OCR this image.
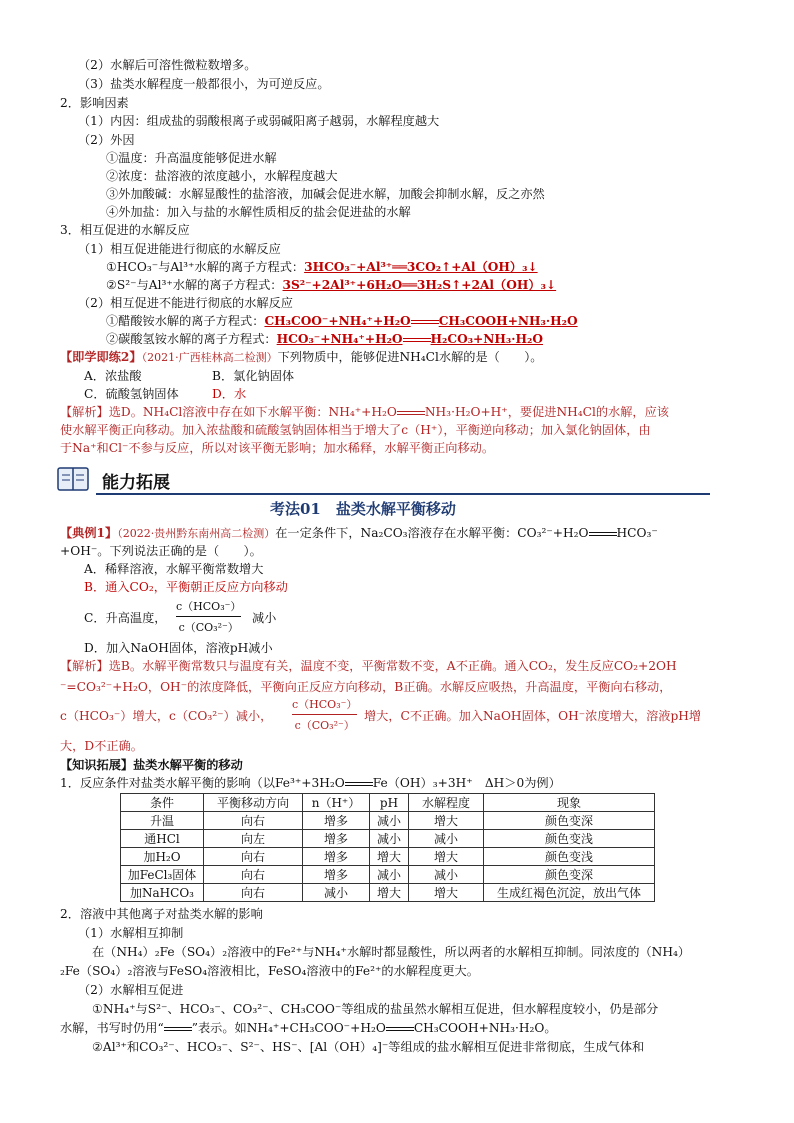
（2）水解后可溶性微粒数增多。
（3）盐类水解程度一般都很小，为可逆反应。
2．影响因素
（1）内因：组成盐的弱酸根离子或弱碱阳离子越弱，水解程度越大
（2）外因
①温度：升高温度能够促进水解
②浓度：盐溶液的浓度越小，水解程度越大
③外加酸碱：水解显酸性的盐溶液，加碱会促进水解，加酸会抑制水解，反之亦然
④外加盐：加入与盐的水解性质相反的盐会促进盐的水解
3．相互促进的水解反应
（1）相互促进能进行彻底的水解反应
①HCO₃⁻与Al³⁺水解的离子方程式：3HCO₃⁻+Al³⁺══3CO₂↑+Al（OH）₃↓
②S²⁻与Al³⁺水解的离子方程式：3S²⁻+2Al³⁺+6H₂O══3H₂S↑+2Al（OH）₃↓
（2）相互促进不能进行彻底的水解反应
①醋酸铵水解的离子方程式：CH₃COO⁻+NH₄⁺+H₂O CH₃COOH+NH₃·H₂O
②碳酸氢铵水解的离子方程式：HCO₃⁻+NH₄⁺+H₂O H₂CO₃+NH₃·H₂O
【即学即练2】（2021·广西桂林高二检测）下列物质中，能够促进NH₄Cl水解的是（　　）。
A．浓盐酸	B．氯化钠固体
C．硫酸氢钠固体	D．水
【解析】选D。NH₄Cl溶液中存在如下水解平衡：NH₄⁺+H₂O NH₃·H₂O+H⁺，要促进NH₄Cl的水解，应该
使水解平衡正向移动。加入浓盐酸和硫酸氢钠固体相当于增大了c（H⁺），平衡逆向移动；加入氯化钠固体，由
于Na⁺和Cl⁻不参与反应，所以对该平衡无影响；加水稀释，水解平衡正向移动。
能力拓展
考法01　盐类水解平衡移动
【典例1】（2022·贵州黔东南州高二检测）在一定条件下，Na₂CO₃溶液存在水解平衡：CO₃²⁻+H₂O HCO₃⁻
+OH⁻。下列说法正确的是（　　）。
A．稀释溶液，水解平衡常数增大
B．通入CO₂，平衡朝正反应方向移动
C．升高温度，
c（HCO₃⁻）
c（CO₃²⁻）
减小
D．加入NaOH固体，溶液pH减小
【解析】选B。水解平衡常数只与温度有关，温度不变，平衡常数不变，A不正确。通入CO₂，发生反应CO₂+2OH
⁻=CO₃²⁻+H₂O，OH⁻的浓度降低，平衡向正反应方向移动，B正确。水解反应吸热，升高温度，平衡向右移动，
c（HCO₃⁻）增大，c（CO₃²⁻）减小，
c（HCO₃⁻）
c（CO₃²⁻）
增大，C不正确。加入NaOH固体，OH⁻浓度增大，溶液pH增
大，D不正确。
【知识拓展】盐类水解平衡的移动
1．反应条件对盐类水解平衡的影响（以Fe³⁺+3H₂O Fe（OH）₃+3H⁺　ΔH＞0为例）
条件	平衡移动方向	n（H⁺）	pH	水解程度	现象
升温	向右	增多	减小	增大	颜色变深
通HCl	向左	增多	减小	减小	颜色变浅
加H₂O	向右	增多	增大	增大	颜色变浅
加FeCl₃固体	向右	增多	减小	减小	颜色变深
加NaHCO₃	向右	减小	增大	增大	生成红褐色沉淀，放出气体
2．溶液中其他离子对盐类水解的影响
（1）水解相互抑制
在（NH₄）₂Fe（SO₄）₂溶液中的Fe²⁺与NH₄⁺水解时都显酸性，所以两者的水解相互抑制。同浓度的（NH₄）
₂Fe（SO₄）₂溶液与FeSO₄溶液相比，FeSO₄溶液中的Fe²⁺的水解程度更大。
（2）水解相互促进
①NH₄⁺与S²⁻、HCO₃⁻、CO₃²⁻、CH₃COO⁻等组成的盐虽然水解相互促进，但水解程度较小，仍是部分
水解，书写时仍用“ ”表示。如NH₄⁺+CH₃COO⁻+H₂O CH₃COOH+NH₃·H₂O。
②Al³⁺和CO₃²⁻、HCO₃⁻、S²⁻、HS⁻、[Al（OH）₄]⁻等组成的盐水解相互促进非常彻底，生成气体和
